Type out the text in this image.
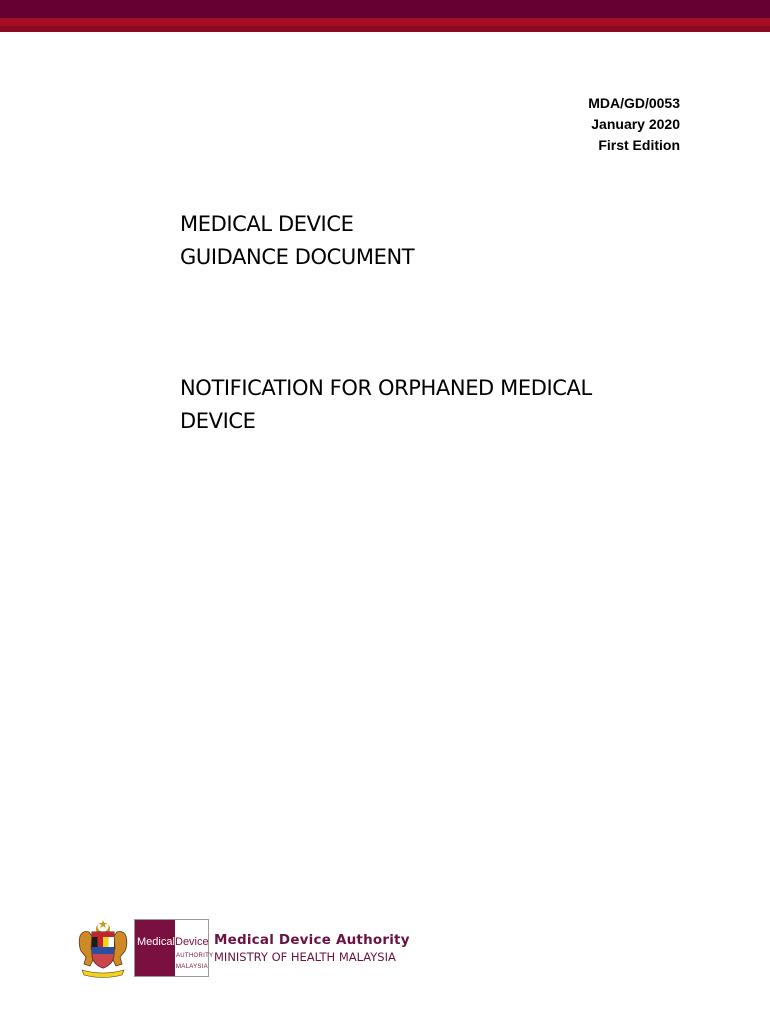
MDA/GD/0053
January 2020
First Edition
MEDICAL DEVICE
GUIDANCE DOCUMENT
NOTIFICATION FOR ORPHANED MEDICAL
DEVICE
Medical Device
AUTHORITY
MALAYSIA
Medical Device Authority
MINISTRY OF HEALTH MALAYSIA
